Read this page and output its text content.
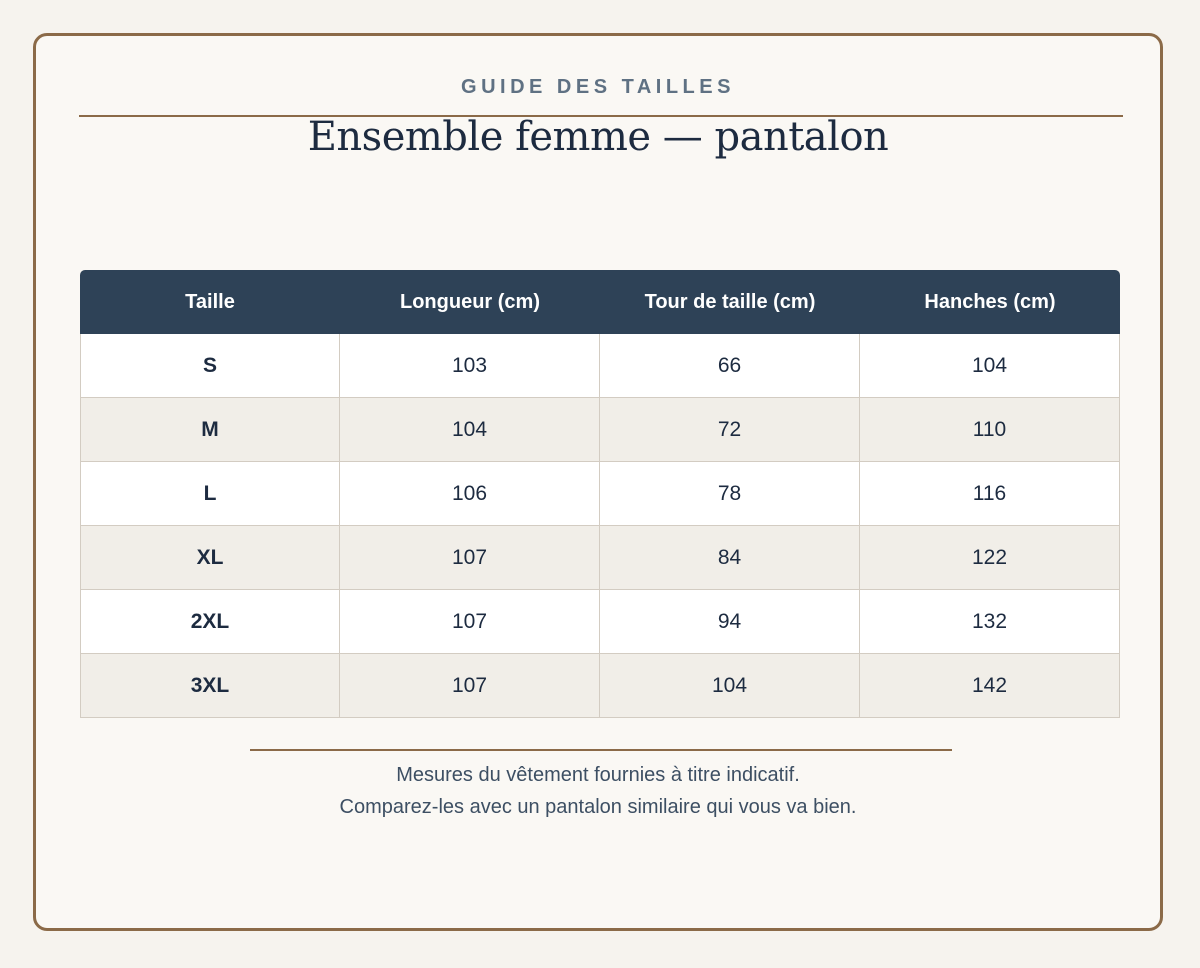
GUIDE DES TAILLES
Ensemble femme — pantalon
Taille	Longueur (cm)	Tour de taille (cm)	Hanches (cm)
S	103	66	104
M	104	72	110
L	106	78	116
XL	107	84	122
2XL	107	94	132
3XL	107	104	142
Mesures du vêtement fournies à titre indicatif.
Comparez-les avec un pantalon similaire qui vous va bien.
